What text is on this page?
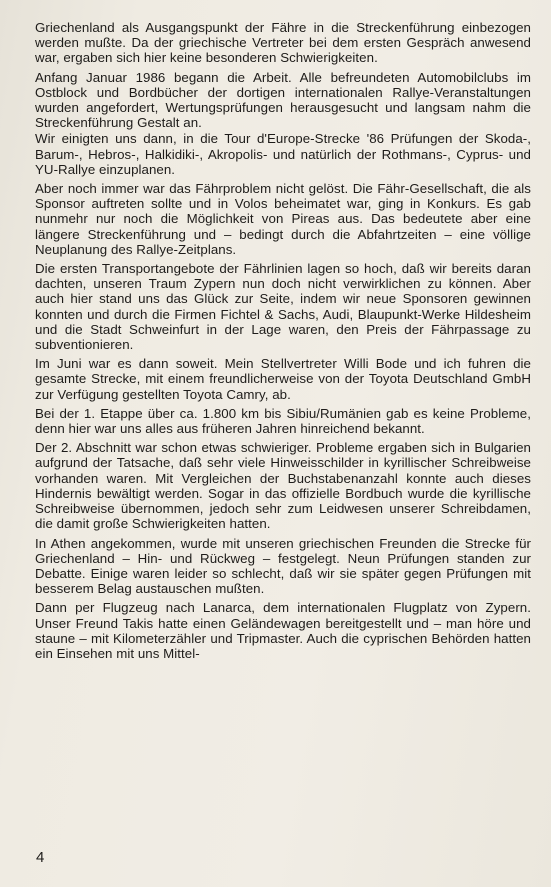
Griechenland als Ausgangspunkt der Fähre in die Streckenführung einbezogen werden mußte. Da der griechische Vertreter bei dem ersten Gespräch anwesend war, ergaben sich hier keine besonderen Schwierigkeiten.

Anfang Januar 1986 begann die Arbeit. Alle befreundeten Automobilclubs im Ostblock und Bordbücher der dortigen internationalen Rallye-Veranstaltungen wurden angefordert, Wertungsprüfungen herausgesucht und langsam nahm die Streckenführung Gestalt an.

Wir einigten uns dann, in die Tour d'Europe-Strecke '86 Prüfungen der Skoda-, Barum-, Hebros-, Halkidiki-, Akropolis- und natürlich der Rothmans-, Cyprus- und YU-Rallye einzuplanen.

Aber noch immer war das Fährproblem nicht gelöst. Die Fähr-Gesellschaft, die als Sponsor auftreten sollte und in Volos beheimatet war, ging in Konkurs. Es gab nunmehr nur noch die Möglichkeit von Pireas aus. Das bedeutete aber eine längere Streckenführung und – bedingt durch die Abfahrtzeiten – eine völlige Neuplanung des Rallye-Zeitplans.

Die ersten Transportangebote der Fährlinien lagen so hoch, daß wir bereits daran dachten, unseren Traum Zypern nun doch nicht verwirklichen zu können. Aber auch hier stand uns das Glück zur Seite, indem wir neue Sponsoren gewinnen konnten und durch die Firmen Fichtel & Sachs, Audi, Blaupunkt-Werke Hildesheim und die Stadt Schweinfurt in der Lage waren, den Preis der Fährpassage zu subventionieren.

Im Juni war es dann soweit. Mein Stellvertreter Willi Bode und ich fuhren die gesamte Strecke, mit einem freundlicherweise von der Toyota Deutschland GmbH zur Verfügung gestellten Toyota Camry, ab.

Bei der 1. Etappe über ca. 1.800 km bis Sibiu/Rumänien gab es keine Probleme, denn hier war uns alles aus früheren Jahren hinreichend bekannt.

Der 2. Abschnitt war schon etwas schwieriger. Probleme ergaben sich in Bulgarien aufgrund der Tatsache, daß sehr viele Hinweisschilder in kyrillischer Schreibweise vorhanden waren. Mit Vergleichen der Buchstabenanzahl konnte auch dieses Hindernis bewältigt werden. Sogar in das offizielle Bordbuch wurde die kyrillische Schreibweise übernommen, jedoch sehr zum Leidwesen unserer Schreibdamen, die damit große Schwierigkeiten hatten.

In Athen angekommen, wurde mit unseren griechischen Freunden die Strecke für Griechenland – Hin- und Rückweg – festgelegt. Neun Prüfungen standen zur Debatte. Einige waren leider so schlecht, daß wir sie später gegen Prüfungen mit besserem Belag austauschen mußten.

Dann per Flugzeug nach Lanarca, dem internationalen Flugplatz von Zypern. Unser Freund Takis hatte einen Geländewagen bereitgestellt und – man höre und staune – mit Kilometerzähler und Tripmaster. Auch die cyprischen Behörden hatten ein Einsehen mit uns Mittel-

4
